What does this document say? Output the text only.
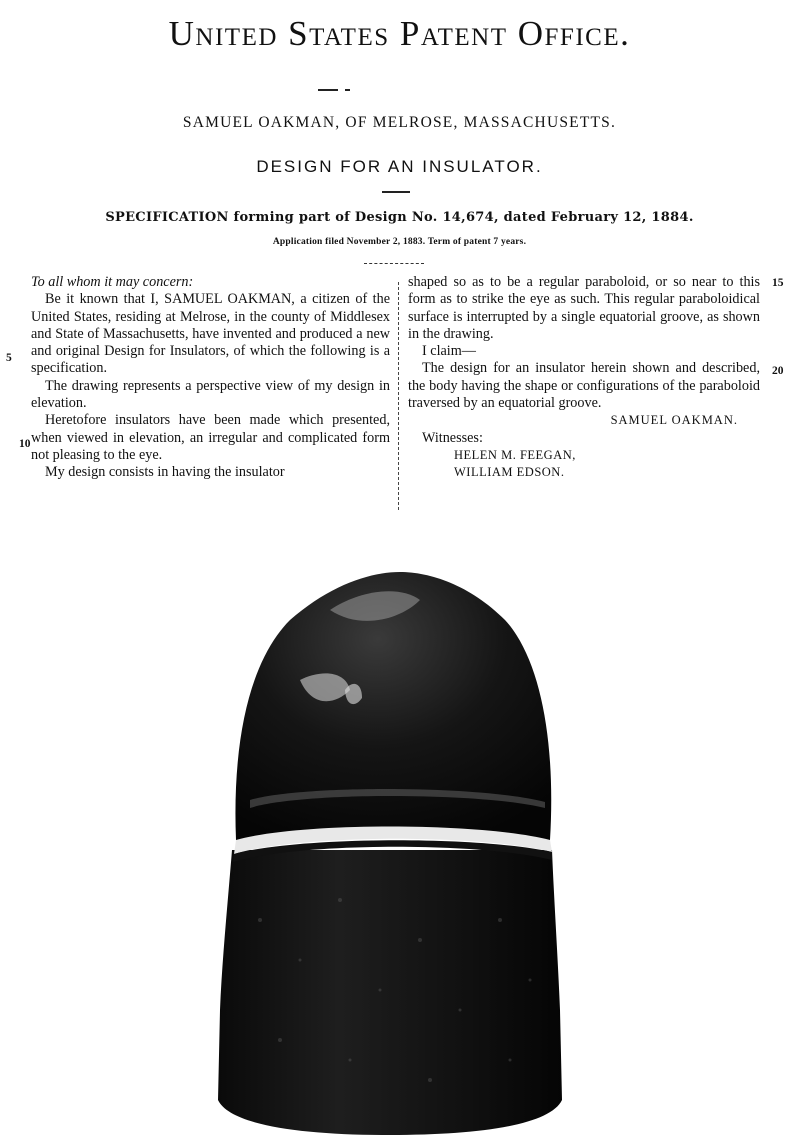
United States Patent Office.
SAMUEL OAKMAN, OF MELROSE, MASSACHUSETTS.
DESIGN FOR AN INSULATOR.
SPECIFICATION forming part of Design No. 14,674, dated February 12, 1884.
Application filed November 2, 1883. Term of patent 7 years.

To all whom it may concern:

Be it known that I, SAMUEL OAKMAN, a citizen of the United States, residing at Melrose, in the county of Middlesex and State of Massachusetts, have invented and produced a new and original Design for Insulators, of which the following is a specification.

The drawing represents a perspective view of my design in elevation.

Heretofore insulators have been made which presented, when viewed in elevation, an irregular and complicated form not pleasing to the eye.

My design consists in having the insulator

shaped so as to be a regular paraboloid, or so near to this form as to strike the eye as such. This regular paraboloidical surface is interrupted by a single equatorial groove, as shown in the drawing.

I claim—

The design for an insulator herein shown and described, the body having the shape or configurations of the paraboloid traversed by an equatorial groove.

SAMUEL OAKMAN.

Witnesses:

HELEN M. FEEGAN,

WILLIAM EDSON.

5
10
15
20
